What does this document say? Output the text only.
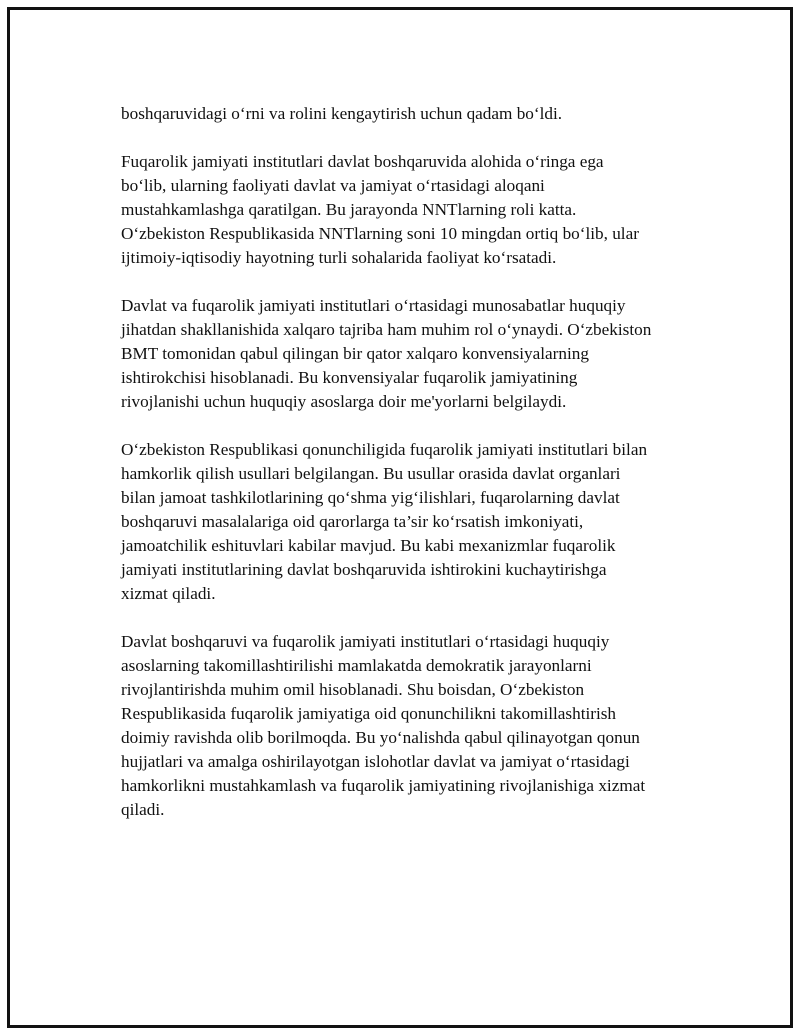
boshqaruvidagi o‘rni va rolini kengaytirish uchun qadam bo‘ldi.

Fuqarolik jamiyati institutlari davlat boshqaruvida alohida o‘ringa ega
bo‘lib, ularning faoliyati davlat va jamiyat o‘rtasidagi aloqani
mustahkamlashga qaratilgan. Bu jarayonda NNTlarning roli katta.
O‘zbekiston Respublikasida NNTlarning soni 10 mingdan ortiq bo‘lib, ular
ijtimoiy-iqtisodiy hayotning turli sohalarida faoliyat ko‘rsatadi.

Davlat va fuqarolik jamiyati institutlari o‘rtasidagi munosabatlar huquqiy
jihatdan shakllanishida xalqaro tajriba ham muhim rol o‘ynaydi. O‘zbekiston
BMT tomonidan qabul qilingan bir qator xalqaro konvensiyalarning
ishtirokchisi hisoblanadi. Bu konvensiyalar fuqarolik jamiyatining
rivojlanishi uchun huquqiy asoslarga doir me'yorlarni belgilaydi.

O‘zbekiston Respublikasi qonunchiligida fuqarolik jamiyati institutlari bilan
hamkorlik qilish usullari belgilangan. Bu usullar orasida davlat organlari
bilan jamoat tashkilotlarining qo‘shma yig‘ilishlari, fuqarolarning davlat
boshqaruvi masalalariga oid qarorlarga ta’sir ko‘rsatish imkoniyati,
jamoatchilik eshituvlari kabilar mavjud. Bu kabi mexanizmlar fuqarolik
jamiyati institutlarining davlat boshqaruvida ishtirokini kuchaytirishga
xizmat qiladi.

Davlat boshqaruvi va fuqarolik jamiyati institutlari o‘rtasidagi huquqiy
asoslarning takomillashtirilishi mamlakatda demokratik jarayonlarni
rivojlantirishda muhim omil hisoblanadi. Shu boisdan, O‘zbekiston
Respublikasida fuqarolik jamiyatiga oid qonunchilikni takomillashtirish
doimiy ravishda olib borilmoqda. Bu yo‘nalishda qabul qilinayotgan qonun
hujjatlari va amalga oshirilayotgan islohotlar davlat va jamiyat o‘rtasidagi
hamkorlikni mustahkamlash va fuqarolik jamiyatining rivojlanishiga xizmat
qiladi.
